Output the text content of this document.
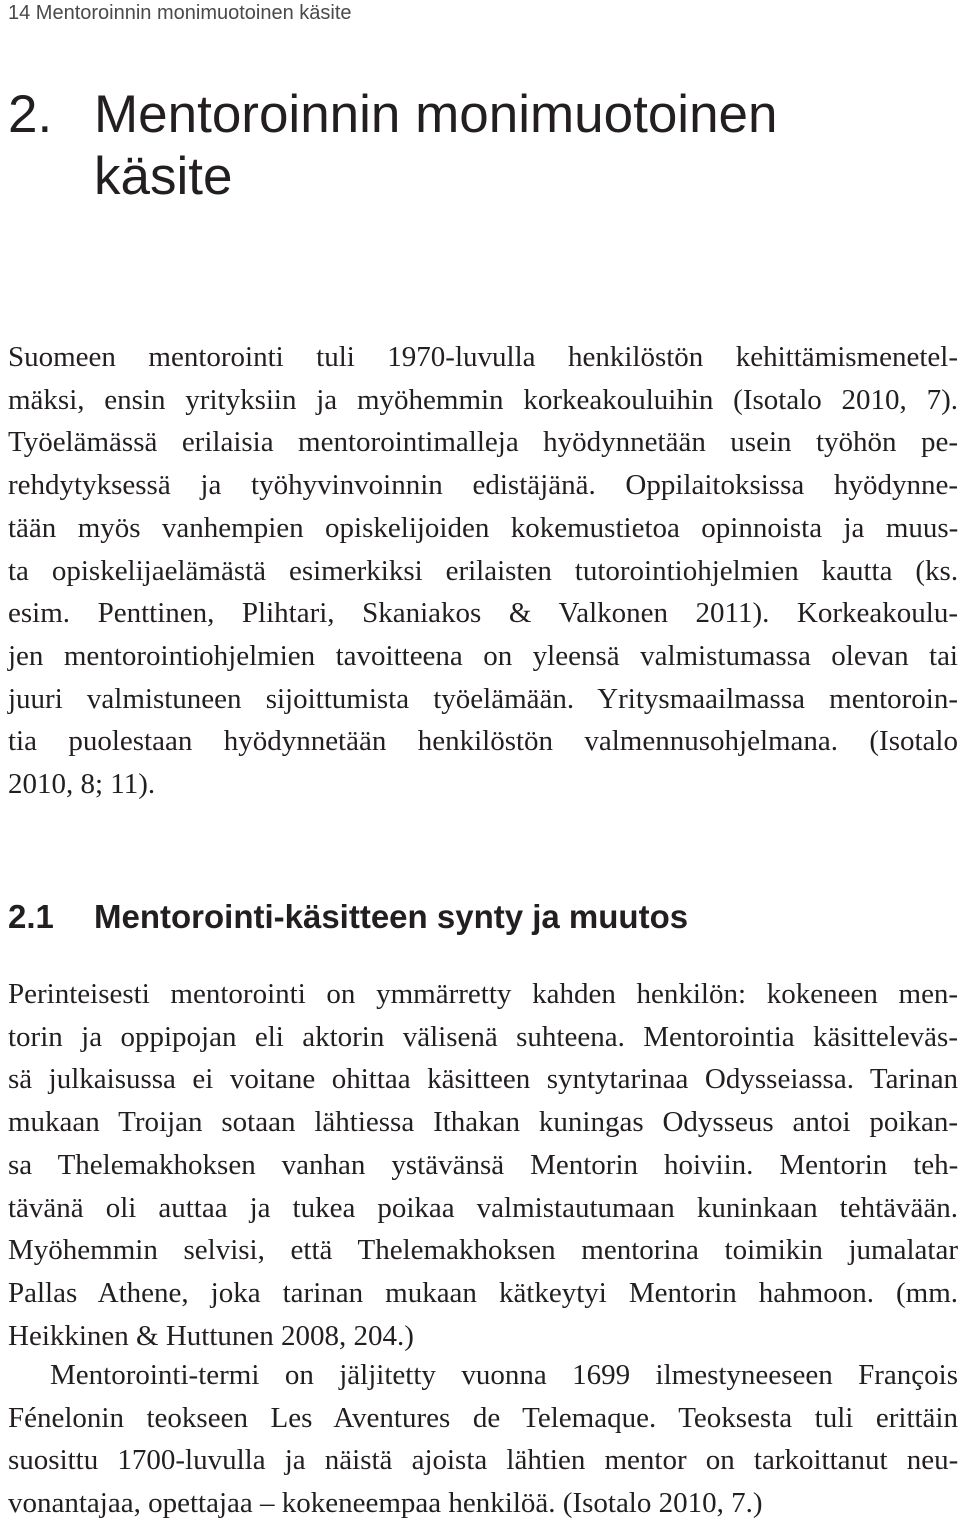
14 Mentoroinnin monimuotoinen käsite
2. Mentoroinnin monimuotoinen
käsite
Suomeen mentorointi tuli 1970-luvulla henkilöstön kehittämismenetel-
mäksi, ensin yrityksiin ja myöhemmin korkeakouluihin (Isotalo 2010, 7).
Työelämässä erilaisia mentorointimalleja hyödynnetään usein työhön pe-
rehdytyksessä ja työhyvinvoinnin edistäjänä. Oppilaitoksissa hyödynne-
tään myös vanhempien opiskelijoiden kokemustietoa opinnoista ja muus-
ta opiskelijaelämästä esimerkiksi erilaisten tutorointiohjelmien kautta (ks.
esim. Penttinen, Plihtari, Skaniakos & Valkonen 2011). Korkeakoulu-
jen mentorointiohjelmien tavoitteena on yleensä valmistumassa olevan tai
juuri valmistuneen sijoittumista työelämään. Yritysmaailmassa mentoroin-
tia puolestaan hyödynnetään henkilöstön valmennusohjelmana. (Isotalo
2010, 8; 11).
2.1 Mentorointi-käsitteen synty ja muutos
Perinteisesti mentorointi on ymmärretty kahden henkilön: kokeneen men-
torin ja oppipojan eli aktorin välisenä suhteena. Mentorointia käsitteleväs-
sä julkaisussa ei voitane ohittaa käsitteen syntytarinaa Odysseiassa. Tarinan
mukaan Troijan sotaan lähtiessa Ithakan kuningas Odysseus antoi poikan-
sa Thelemakhoksen vanhan ystävänsä Mentorin hoiviin. Mentorin teh-
tävänä oli auttaa ja tukea poikaa valmistautumaan kuninkaan tehtävään.
Myöhemmin selvisi, että Thelemakhoksen mentorina toimikin jumalatar
Pallas Athene, joka tarinan mukaan kätkeytyi Mentorin hahmoon. (mm.
Heikkinen & Huttunen 2008, 204.)
Mentorointi-termi on jäljitetty vuonna 1699 ilmestyneeseen François
Fénelonin teokseen Les Aventures de Telemaque. Teoksesta tuli erittäin
suosittu 1700-luvulla ja näistä ajoista lähtien mentor on tarkoittanut neu-
vonantajaa, opettajaa – kokeneempaa henkilöä. (Isotalo 2010, 7.)
